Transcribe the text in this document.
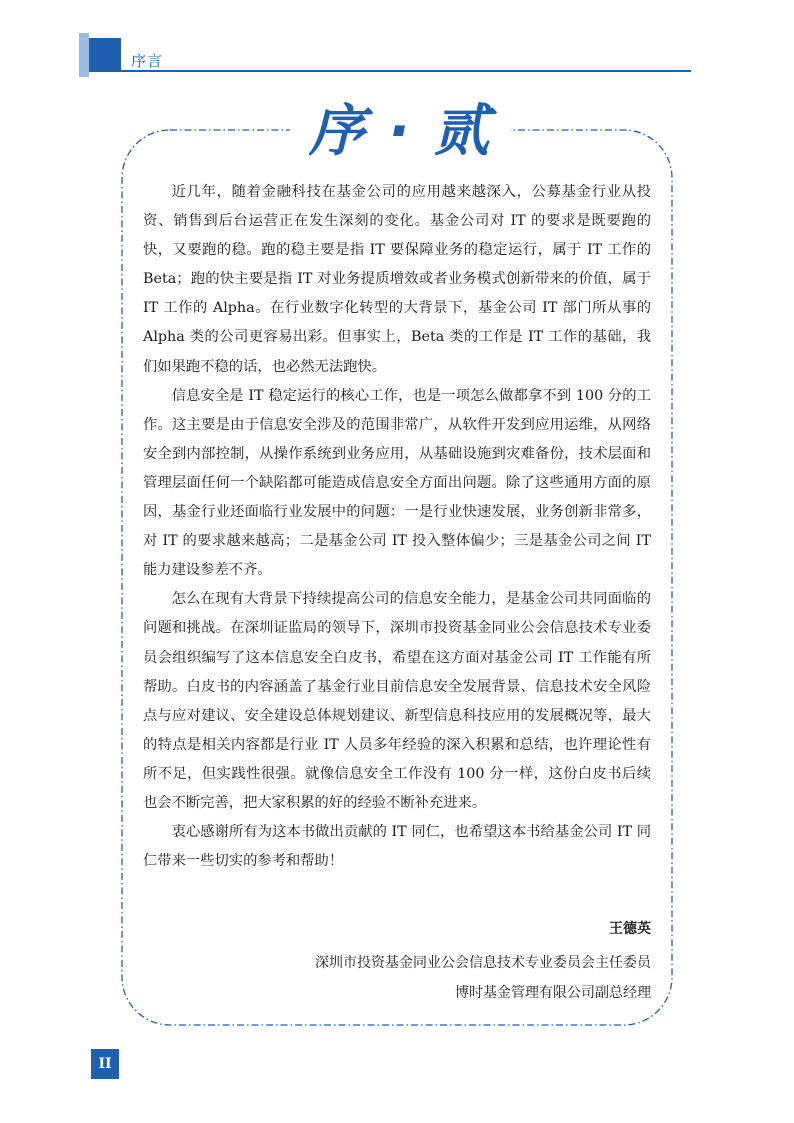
序言
序 · 贰

近几年，随着金融科技在基金公司的应用越来越深入，公募基金行业从投资、销售到后台运营正在发生深刻的变化。基金公司对 IT 的要求是既要跑的快，又要跑的稳。跑的稳主要是指 IT 要保障业务的稳定运行，属于 IT 工作的 Beta；跑的快主要是指 IT 对业务提质增效或者业务模式创新带来的价值，属于 IT 工作的 Alpha。在行业数字化转型的大背景下，基金公司 IT 部门所从事的 Alpha 类的公司更容易出彩。但事实上，Beta 类的工作是 IT 工作的基础，我们如果跑不稳的话，也必然无法跑快。

信息安全是 IT 稳定运行的核心工作，也是一项怎么做都拿不到 100 分的工作。这主要是由于信息安全涉及的范围非常广，从软件开发到应用运维，从网络安全到内部控制，从操作系统到业务应用，从基础设施到灾难备份，技术层面和管理层面任何一个缺陷都可能造成信息安全方面出问题。除了这些通用方面的原因，基金行业还面临行业发展中的问题：一是行业快速发展，业务创新非常多，对 IT 的要求越来越高；二是基金公司 IT 投入整体偏少；三是基金公司之间 IT 能力建设参差不齐。

怎么在现有大背景下持续提高公司的信息安全能力，是基金公司共同面临的问题和挑战。在深圳证监局的领导下，深圳市投资基金同业公会信息技术专业委员会组织编写了这本信息安全白皮书，希望在这方面对基金公司 IT 工作能有所帮助。白皮书的内容涵盖了基金行业目前信息安全发展背景、信息技术安全风险点与应对建议、安全建设总体规划建议、新型信息科技应用的发展概况等，最大的特点是相关内容都是行业 IT 人员多年经验的深入积累和总结，也许理论性有所不足，但实践性很强。就像信息安全工作没有 100 分一样，这份白皮书后续也会不断完善，把大家积累的好的经验不断补充进来。

衷心感谢所有为这本书做出贡献的 IT 同仁，也希望这本书给基金公司 IT 同仁带来一些切实的参考和帮助！

王德英
深圳市投资基金同业公会信息技术专业委员会主任委员
博时基金管理有限公司副总经理
II
